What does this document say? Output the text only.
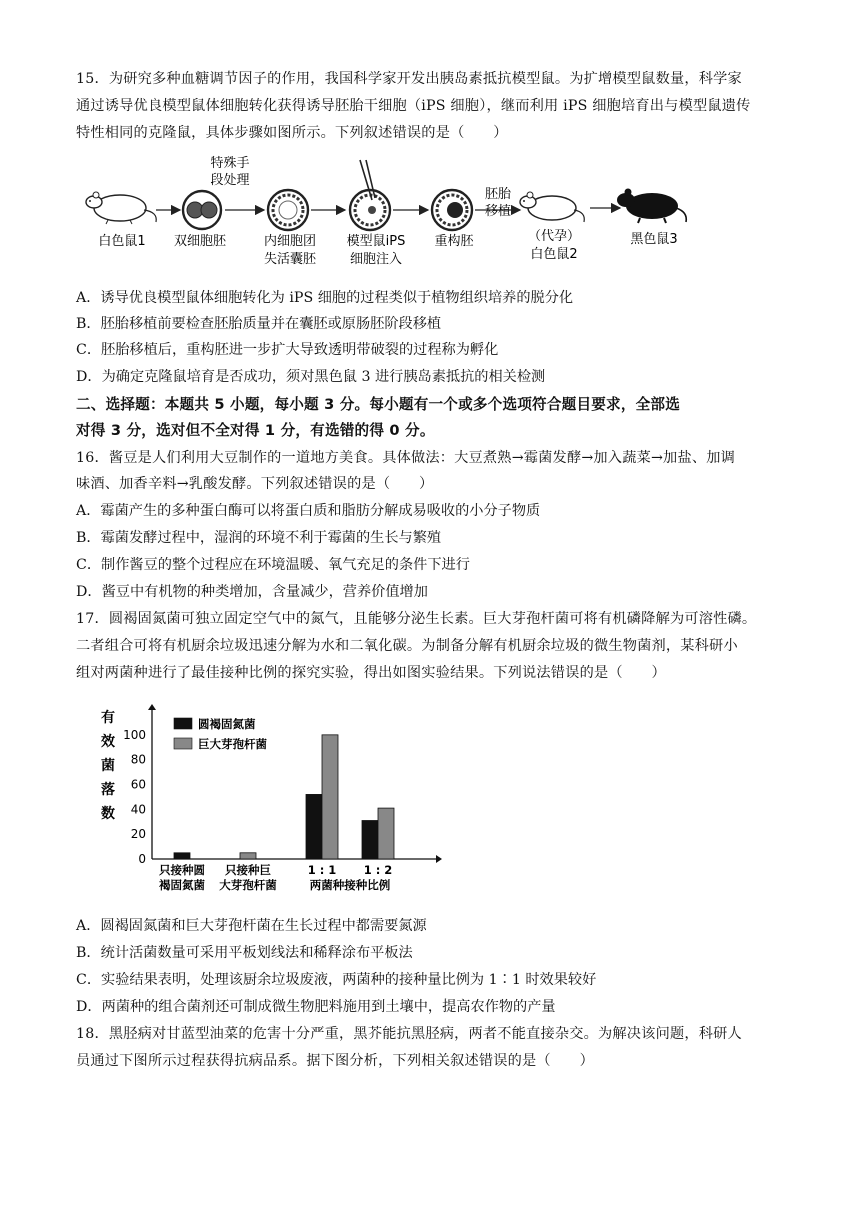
15．为研究多种血糖调节因子的作用，我国科学家开发出胰岛素抵抗模型鼠。为扩增模型鼠数量，科学家
通过诱导优良模型鼠体细胞转化获得诱导胚胎干细胞（iPS 细胞），继而利用 iPS 细胞培育出与模型鼠遗传
特性相同的克隆鼠，具体步骤如图所示。下列叙述错误的是（　　）
白色鼠1 双细胞胚
特殊手
段处理
内细胞团
失活囊胚
模型鼠iPS
细胞注入
重构胚
胚胎
移植
（代孕）
白色鼠2
黑色鼠3
A．诱导优良模型鼠体细胞转化为 iPS 细胞的过程类似于植物组织培养的脱分化
B．胚胎移植前要检查胚胎质量并在囊胚或原肠胚阶段移植
C．胚胎移植后，重构胚进一步扩大导致透明带破裂的过程称为孵化
D．为确定克隆鼠培育是否成功，须对黑色鼠 3 进行胰岛素抵抗的相关检测
二、选择题：本题共 5 小题，每小题 3 分。每小题有一个或多个选项符合题目要求，全部选
对得 3 分，选对但不全对得 1 分，有选错的得 0 分。
16．酱豆是人们利用大豆制作的一道地方美食。具体做法：大豆煮熟→霉菌发酵→加入蔬菜→加盐、加调
味酒、加香辛料→乳酸发酵。下列叙述错误的是（　　）
A．霉菌产生的多种蛋白酶可以将蛋白质和脂肪分解成易吸收的小分子物质
B．霉菌发酵过程中，湿润的环境不利于霉菌的生长与繁殖
C．制作酱豆的整个过程应在环境温暖、氧气充足的条件下进行
D．酱豆中有机物的种类增加，含量减少，营养价值增加
17．圆褐固氮菌可独立固定空气中的氮气，且能够分泌生长素。巨大芽孢杆菌可将有机磷降解为可溶性磷。
二者组合可将有机厨余垃圾迅速分解为水和二氧化碳。为制备分解有机厨余垃圾的微生物菌剂，某科研小
组对两菌种进行了最佳接种比例的探究实验，得出如图实验结果。下列说法错误的是（　　）
有
效
菌
落
数
0
20
40
60
80
100
只接种圆
褐固氮菌
只接种巨
大芽孢杆菌
1 : 1 1 : 2
两菌种接种比例
圆褐固氮菌
巨大芽孢杆菌
A．圆褐固氮菌和巨大芽孢杆菌在生长过程中都需要氮源
B．统计活菌数量可采用平板划线法和稀释涂布平板法
C．实验结果表明，处理该厨余垃圾废液，两菌种的接种量比例为 1∶1 时效果较好
D．两菌种的组合菌剂还可制成微生物肥料施用到土壤中，提高农作物的产量
18．黑胫病对甘蓝型油菜的危害十分严重，黑芥能抗黑胫病，两者不能直接杂交。为解决该问题，科研人
员通过下图所示过程获得抗病品系。据下图分析，下列相关叙述错误的是（　　）
